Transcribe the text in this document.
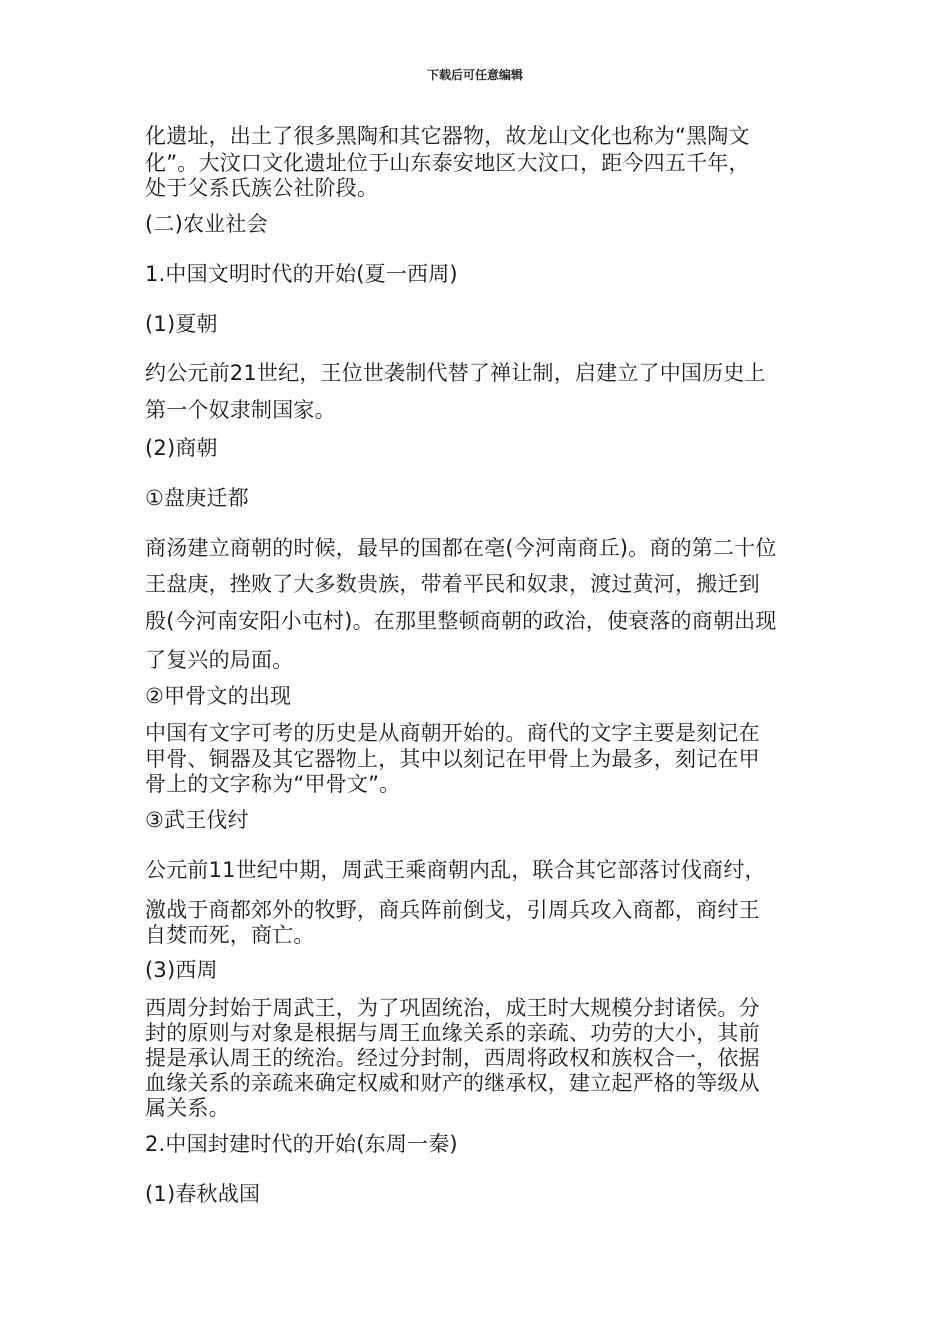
下载后可任意编辑
化遗址，出土了很多黑陶和其它器物，故龙山文化也称为“黑陶文
化”。大汶口文化遗址位于山东泰安地区大汶口，距今四五千年，
处于父系氏族公社阶段。
(二)农业社会
1.中国文明时代的开始(夏一西周)
(1)夏朝
约公元前21世纪，王位世袭制代替了禅让制，启建立了中国历史上
第一个奴隶制国家。
(2)商朝
①盘庚迁都
商汤建立商朝的时候，最早的国都在亳(今河南商丘)。商的第二十位
王盘庚，挫败了大多数贵族，带着平民和奴隶，渡过黄河，搬迁到
殷(今河南安阳小屯村)。在那里整顿商朝的政治，使衰落的商朝出现
了复兴的局面。
②甲骨文的出现
中国有文字可考的历史是从商朝开始的。商代的文字主要是刻记在
甲骨、铜器及其它器物上，其中以刻记在甲骨上为最多，刻记在甲
骨上的文字称为“甲骨文”。
③武王伐纣
公元前11世纪中期，周武王乘商朝内乱，联合其它部落讨伐商纣，
激战于商都郊外的牧野，商兵阵前倒戈，引周兵攻入商都，商纣王
自焚而死，商亡。
(3)西周
西周分封始于周武王，为了巩固统治，成王时大规模分封诸侯。分
封的原则与对象是根据与周王血缘关系的亲疏、功劳的大小，其前
提是承认周王的统治。经过分封制，西周将政权和族权合一，依据
血缘关系的亲疏来确定权威和财产的继承权，建立起严格的等级从
属关系。
2.中国封建时代的开始(东周一秦)
(1)春秋战国
